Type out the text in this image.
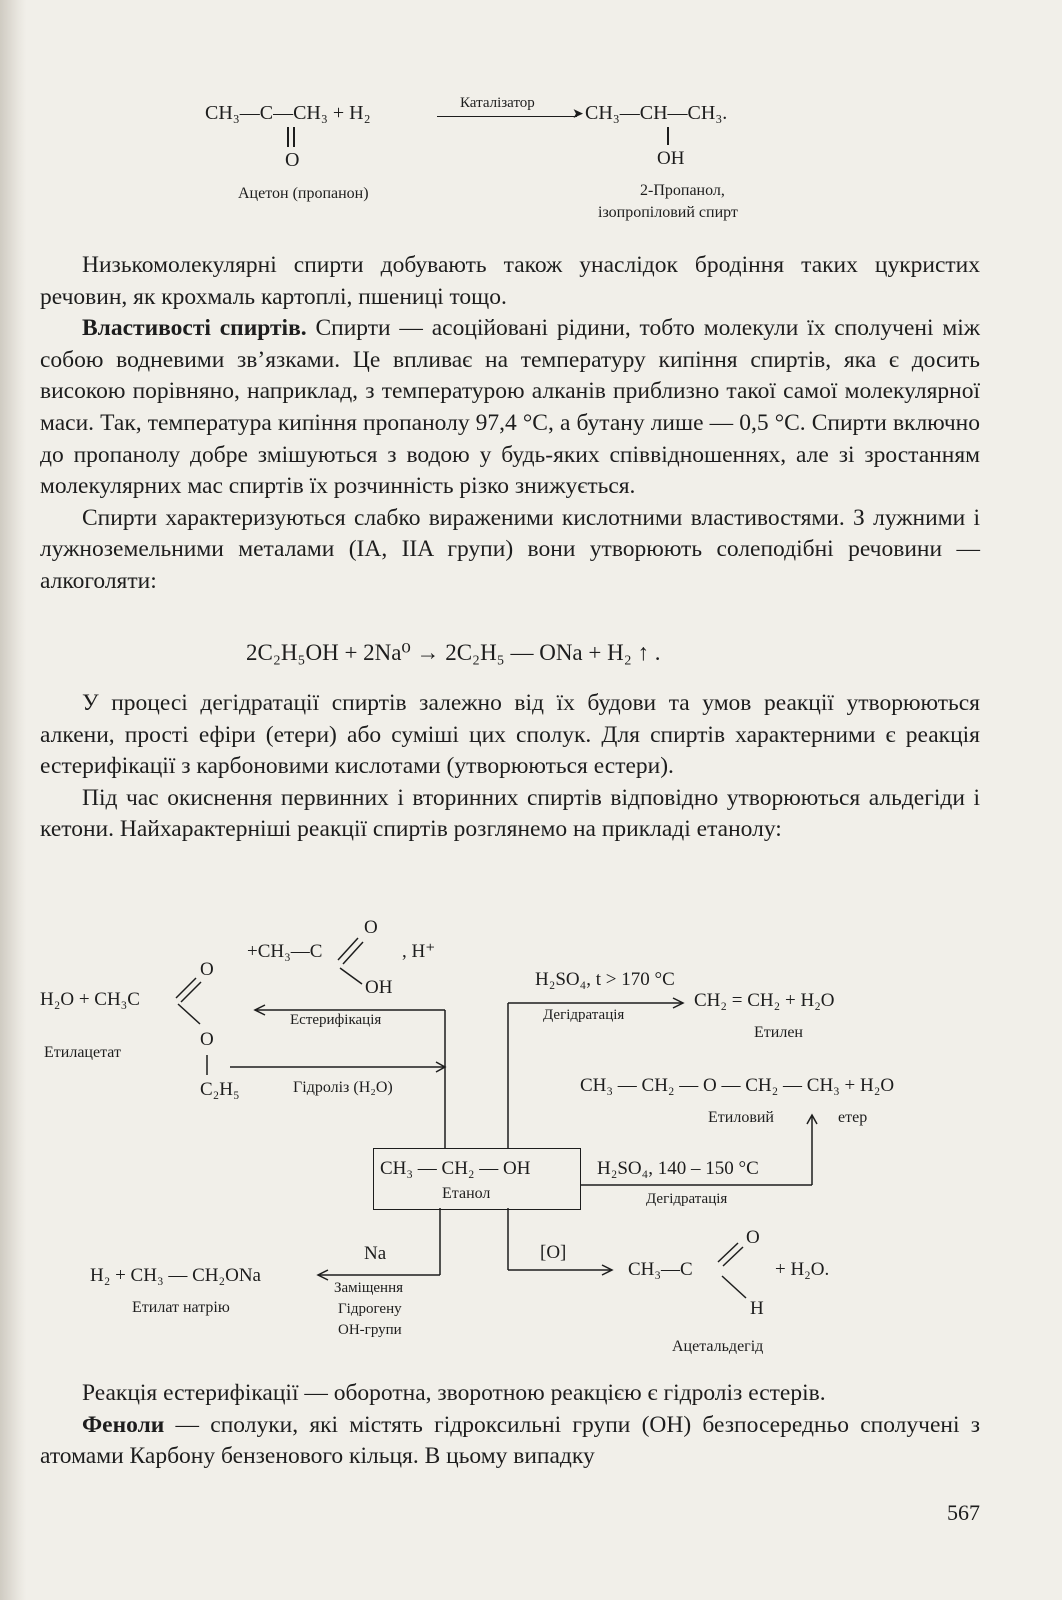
CH₃—C—CH₃ + H₂
O
Каталізатор
➤ CH₃—CH—CH₃.
OH
Ацетон (пропанон)	2-Пропанол,
ізопропіловий спирт

Низькомолекулярні спирти добувають також унаслідок бродіння таких цукристих речовин, як крохмаль картоплі, пшениці тощо.

Властивості спиртів. Спирти — асоційовані рідини, тобто молекули їх сполучені між собою водневими зв’язками. Це впливає на температуру кипіння спиртів, яка є досить високою порівняно, наприклад, з температурою алканів приблизно такої самої молекулярної маси. Так, температура кипіння пропанолу 97,4 °C, а бутану лише — 0,5 °C. Спирти включно до пропанолу добре змішуються з водою у будь-яких співвідношеннях, але зі зростанням молекулярних мас спиртів їх розчинність різко знижується.

Спирти характеризуються слабко вираженими кислотними властивостями. З лужними і лужноземельними металами (IA, IIA групи) вони утворюють солеподібні речовини — алкоголяти:

2C₂H₅OH + 2Na⁰ → 2C₂H₅ — ONa + H₂ ↑ .

У процесі дегідратації спиртів залежно від їх будови та умов реакції утворюються алкени, прості ефіри (етери) або суміші цих сполук. Для спиртів характерними є реакція естерифікації з карбоновими кислотами (утворюються естери).

Під час окиснення первинних і вторинних спиртів відповідно утворюються альдегіди і кетони. Найхарактерніші реакції спиртів розглянемо на прикладі етанолу:

CH₃ — CH₂ — OH
Етанол
+CH₃—C
O
OH
, H⁺
H₂O + CH₃C
O
O
C₂H₅
Етилацетат
Естерифікація
Гідроліз (H₂O)
H₂SO₄, t > 170 °C
Дегідратація
CH₂ = CH₂ + H₂O
Етилен
CH₃ — CH₂ — O — CH₂ — CH₃ + H₂O
Етиловий	етер
H₂SO₄, 140 – 150 °C
Дегідратація
Na
Заміщення
Гідрогену
OH-групи
H₂ + CH₃ — CH₂ONa
Етилат натрію
[O]
CH₃—C
O
H
+ H₂O.
Ацетальдегід

Реакція естерифікації — оборотна, зворотною реакцією є гідроліз естерів.

Феноли — сполуки, які містять гідроксильні групи (OH) безпосередньо сполучені з атомами Карбону бензенового кільця. В цьому випадку

567
